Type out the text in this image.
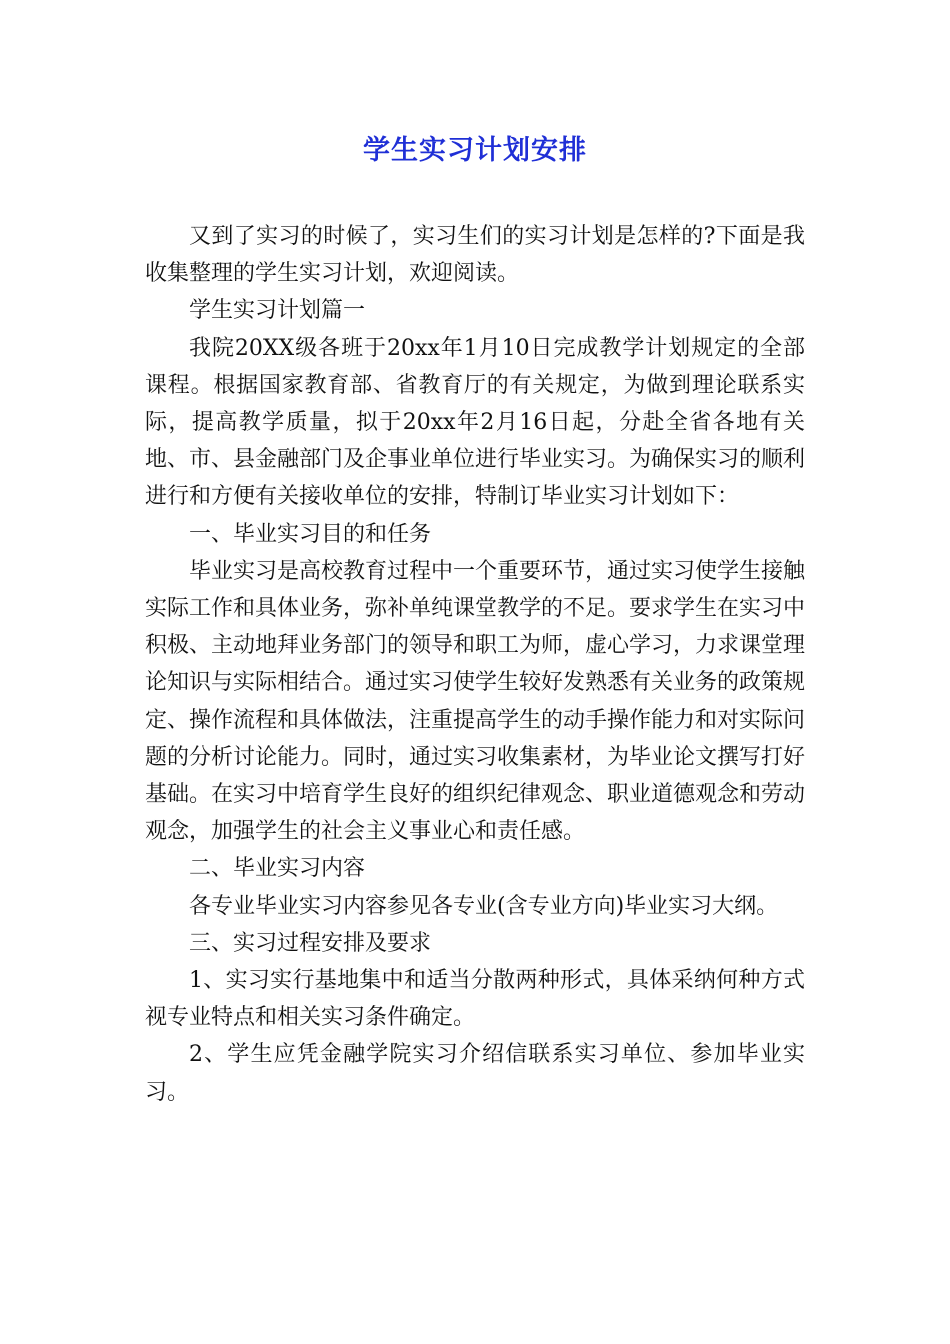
学生实习计划安排

又到了实习的时候了，实习生们的实习计划是怎样的?下面是我收集整理的学生实习计划，欢迎阅读。

学生实习计划篇一

我院20XX级各班于20xx年1月10日完成教学计划规定的全部课程。根据国家教育部、省教育厅的有关规定，为做到理论联系实际，提高教学质量，拟于20xx年2月16日起，分赴全省各地有关地、市、县金融部门及企事业单位进行毕业实习。为确保实习的顺利进行和方便有关接收单位的安排，特制订毕业实习计划如下：

一、毕业实习目的和任务

毕业实习是高校教育过程中一个重要环节，通过实习使学生接触实际工作和具体业务，弥补单纯课堂教学的不足。要求学生在实习中积极、主动地拜业务部门的领导和职工为师，虚心学习，力求课堂理论知识与实际相结合。通过实习使学生较好发熟悉有关业务的政策规定、操作流程和具体做法，注重提高学生的动手操作能力和对实际问题的分析讨论能力。同时，通过实习收集素材，为毕业论文撰写打好基础。在实习中培育学生良好的组织纪律观念、职业道德观念和劳动观念，加强学生的社会主义事业心和责任感。

二、毕业实习内容

各专业毕业实习内容参见各专业(含专业方向)毕业实习大纲。

三、实习过程安排及要求

1、实习实行基地集中和适当分散两种形式，具体采纳何种方式视专业特点和相关实习条件确定。

2、学生应凭金融学院实习介绍信联系实习单位、参加毕业实习。
